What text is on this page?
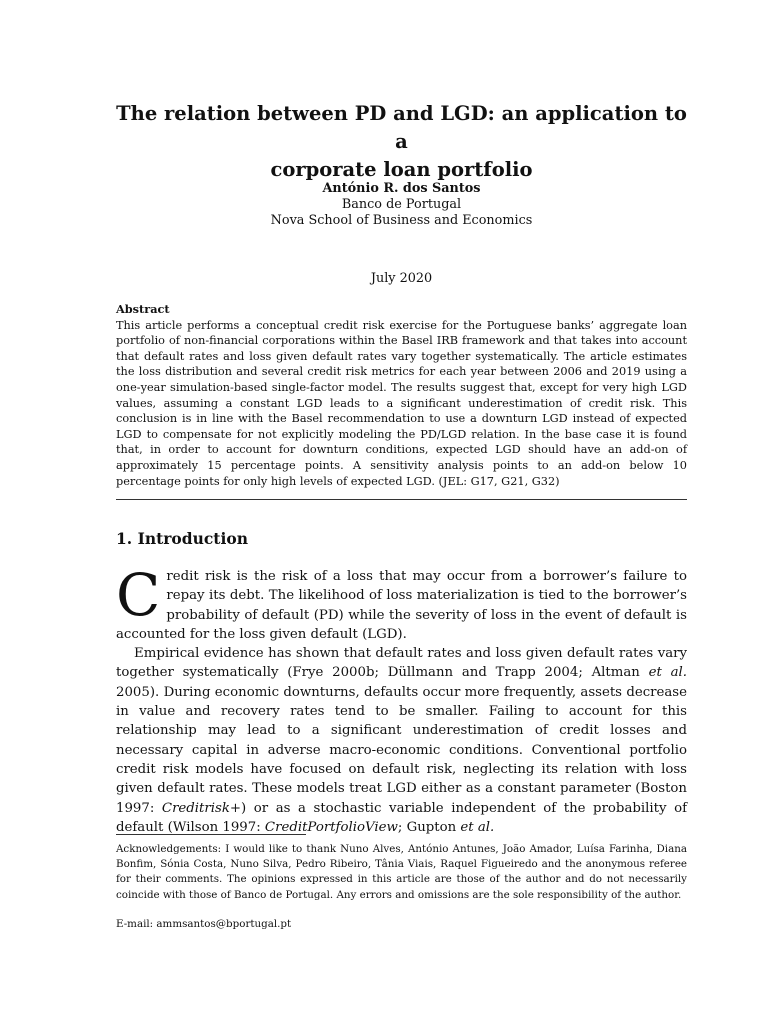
The relation between PD and LGD: an application to a
corporate loan portfolio
António R. dos Santos
Banco de Portugal
Nova School of Business and Economics
July 2020
Abstract
This article performs a conceptual credit risk exercise for the Portuguese banks’ aggregate loan portfolio of non-financial corporations within the Basel IRB framework and that takes into account that default rates and loss given default rates vary together systematically. The article estimates the loss distribution and several credit risk metrics for each year between 2006 and 2019 using a one-year simulation-based single-factor model. The results suggest that, except for very high LGD values, assuming a constant LGD leads to a significant underestimation of credit risk. This conclusion is in line with the Basel recommendation to use a downturn LGD instead of expected LGD to compensate for not explicitly modeling the PD/LGD relation. In the base case it is found that, in order to account for downturn conditions, expected LGD should have an add-on of approximately 15 percentage points. A sensitivity analysis points to an add-on below 10 percentage points for only high levels of expected LGD. (JEL: G17, G21, G32)
1. Introduction

Credit risk is the risk of a loss that may occur from a borrower’s failure to repay its debt. The likelihood of loss materialization is tied to the borrower’s probability of default (PD) while the severity of loss in the event of default is accounted for the loss given default (LGD).

Empirical evidence has shown that default rates and loss given default rates vary together systematically (Frye 2000b; Düllmann and Trapp 2004; Altman et al. 2005). During economic downturns, defaults occur more frequently, assets decrease in value and recovery rates tend to be smaller. Failing to account for this relationship may lead to a significant underestimation of credit losses and necessary capital in adverse macro-economic conditions. Conventional portfolio credit risk models have focused on default risk, neglecting its relation with loss given default rates. These models treat LGD either as a constant parameter (Boston 1997: Creditrisk+) or as a stochastic variable independent of the probability of default (Wilson 1997: CreditPortfolioView; Gupton et al.

Acknowledgements: I would like to thank Nuno Alves, António Antunes, João Amador, Luísa Farinha, Diana Bonfim, Sónia Costa, Nuno Silva, Pedro Ribeiro, Tânia Viais, Raquel Figueiredo and the anonymous referee for their comments. The opinions expressed in this article are those of the author and do not necessarily coincide with those of Banco de Portugal. Any errors and omissions are the sole responsibility of the author.
E-mail: ammsantos@bportugal.pt
